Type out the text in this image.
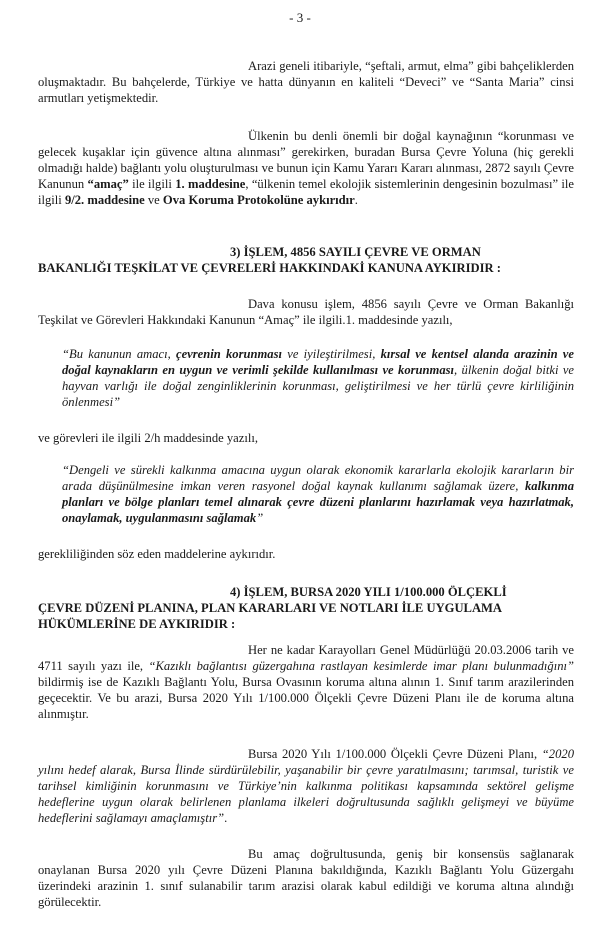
- 3 -
Arazi geneli itibariyle, “şeftali, armut, elma” gibi bahçeliklerden oluşmaktadır. Bu bahçelerde, Türkiye ve hatta dünyanın en kaliteli “Deveci” ve “Santa Maria” cinsi armutları yetişmektedir.
Ülkenin bu denli önemli bir doğal kaynağının “korunması ve gelecek kuşaklar için güvence altına alınması” gerekirken, buradan Bursa Çevre Yoluna (hiç gerekli olmadığı halde) bağlantı yolu oluşturulması ve bunun için Kamu Yararı Kararı alınması, 2872 sayılı Çevre Kanunun “amaç” ile ilgili 1. maddesine, “ülkenin temel ekolojik sistemlerinin dengesinin bozulması” ile ilgili 9/2. maddesine ve Ova Koruma Protokolüne aykırıdır.
3) İŞLEM, 4856 SAYILI ÇEVRE VE ORMAN
BAKANLIĞI TEŞKİLAT VE ÇEVRELERİ HAKKINDAKİ KANUNA AYKIRIDIR :
Dava konusu işlem, 4856 sayılı Çevre ve Orman Bakanlığı Teşkilat ve Görevleri Hakkındaki Kanunun “Amaç” ile ilgili.1. maddesinde yazılı,
“Bu kanunun amacı, çevrenin korunması ve iyileştirilmesi, kırsal ve kentsel alanda arazinin ve doğal kaynakların en uygun ve verimli şekilde kullanılması ve korunması, ülkenin doğal bitki ve hayvan varlığı ile doğal zenginliklerinin korunması, geliştirilmesi ve her türlü çevre kirliliğinin önlenmesi”
ve görevleri ile ilgili 2/h maddesinde yazılı,
“Dengeli ve sürekli kalkınma amacına uygun olarak ekonomik kararlarla ekolojik kararların bir arada düşünülmesine imkan veren rasyonel doğal kaynak kullanımı sağlamak üzere, kalkınma planları ve bölge planları temel alınarak çevre düzeni planlarını hazırlamak veya hazırlatmak, onaylamak, uygulanmasını sağlamak”
gerekliliğinden söz eden maddelerine aykırıdır.
4) İŞLEM, BURSA 2020 YILI 1/100.000 ÖLÇEKLİ
ÇEVRE DÜZENİ PLANINA, PLAN KARARLARI VE NOTLARI İLE UYGULAMA HÜKÜMLERİNE DE AYKIRIDIR :
Her ne kadar Karayolları Genel Müdürlüğü 20.03.2006 tarih ve 4711 sayılı yazı ile, “Kazıklı bağlantısı güzergahına rastlayan kesimlerde imar planı bulunmadığını” bildirmiş ise de Kazıklı Bağlantı Yolu, Bursa Ovasının koruma altına alının 1. Sınıf tarım arazilerinden geçecektir. Ve bu arazi, Bursa 2020 Yılı 1/100.000 Ölçekli Çevre Düzeni Planı ile de koruma altına alınmıştır.
Bursa 2020 Yılı 1/100.000 Ölçekli Çevre Düzeni Planı, “2020 yılını hedef alarak, Bursa İlinde sürdürülebilir, yaşanabilir bir çevre yaratılmasını; tarımsal, turistik ve tarihsel kimliğinin korunmasını ve Türkiye’nin kalkınma politikası kapsamında sektörel gelişme hedeflerine uygun olarak belirlenen planlama ilkeleri doğrultusunda sağlıklı gelişmeyi ve büyüme hedeflerini sağlamayı amaçlamıştır”.
Bu amaç doğrultusunda, geniş bir konsensüs sağlanarak onaylanan Bursa 2020 yılı Çevre Düzeni Planına bakıldığında, Kazıklı Bağlantı Yolu Güzergahı üzerindeki arazinin 1. sınıf sulanabilir tarım arazisi olarak kabul edildiği ve koruma altına alındığı görülecektir.
